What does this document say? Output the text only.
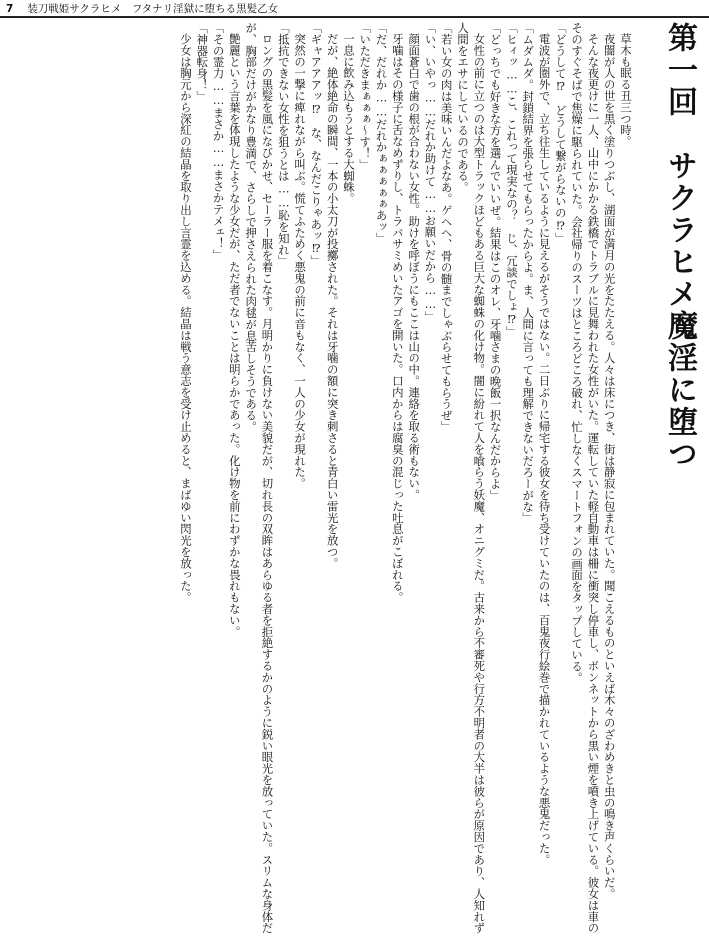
7 装刀戦姫サクラヒメ　フタナリ淫獄に堕ちる黒髪乙女
第一回　サクラヒメ魔淫に堕つ

草木も眠る丑三つ時。

夜闇が人の世を黒く塗りつぶし、湖面が満月の光をたたえる。人々は床につき、街は静寂に包まれていた。聞こえるものといえば木々のざわめきと虫の鳴き声くらいだ。

そんな夜更けに一人、山中にかかる鉄橋でトラブルに見舞われた女性がいた。運転していた軽自動車は柵に衝突し停車し、ボンネットから黒い煙を噴き上げている。彼女は車のそのすぐそばで焦燥に駆られていた。会社帰りのスーツはところどころ破れ、忙しなくスマートフォンの画面をタップしている。

「どうして⁉　どうして繋がらないの⁉」

電波が圏外で、立ち往生しているように見えるがそうではない。二日ぶりに帰宅する彼女を待ち受けていたのは、百鬼夜行絵巻で描かれているような悪鬼だった。

「ムダムダ。封鎖結界を張らせてもらったからよ。ま、人間に言っても理解できないだろーがな」

「ヒィッ……こ、これって現実なの？　じ、冗談でしょ⁉」

「どっちでも好きな方を選んでいいぜ。結果はこのオレ、牙噛さまの晩飯一択なんだからよ」

女性の前に立つのは大型トラックほどもある巨大な蜘蛛の化け物。闇に紛れて人を喰らう妖魔、オニグミだ。古来から不審死や行方不明者の大半は彼らが原因であり、人知れず人間をエサにしているのである。

「若い女の肉は美味いんだよなあ。ゲヘヘ、骨の髄までしゃぶらせてもらうぜ」

「い、いやっ……だれか助けて……お願いだから……」

顔面蒼白で歯の根が合わない女性。助けを呼ぼうにもここは山の中。連絡を取る術もない。

牙噛はその様子に舌なめずりし、トラバサミめいたアゴを開いた。口内からは腐臭の混じった吐息がこぼれる。

「だ、だれか……だれかぁぁぁぁぁあッ」

「いただきまぁぁぁ～す！」

一息に飲み込もうとする大蜘蛛。

だが、絶体絶命の瞬間、一本の小太刀が投擲された。それは牙噛の額に突き刺さると青白い雷光を放つ。

「ギャアアアッ⁉　な、なんだこりゃあッ⁉」

突然の一撃に痺れながら叫ぶ。慌てふためく悪鬼の前に音もなく、一人の少女が現れた。

「抵抗できない女性を狙うとは……恥を知れ」

ロングの黒髪を風になびかせ、セーラー服を着こなす。月明かりに負けない美貌だが、切れ長の双眸はあらゆる者を拒絶するかのように鋭い眼光を放っていた。スリムな身体だが、胸部だけがかなり豊満で、さらしで押さえられた肉毬が息苦しそうである。

艶麗という言葉を体現したような少女だが、ただ者でないことは明らかであった。化け物を前にわずかな畏れもない。

「その霊力……まさか……まさかテメェ！」

「神器転身！」

少女は胸元から深紅の結晶を取り出し言霊を込める。結晶は戦う意志を受け止めると、まばゆい閃光を放った。
